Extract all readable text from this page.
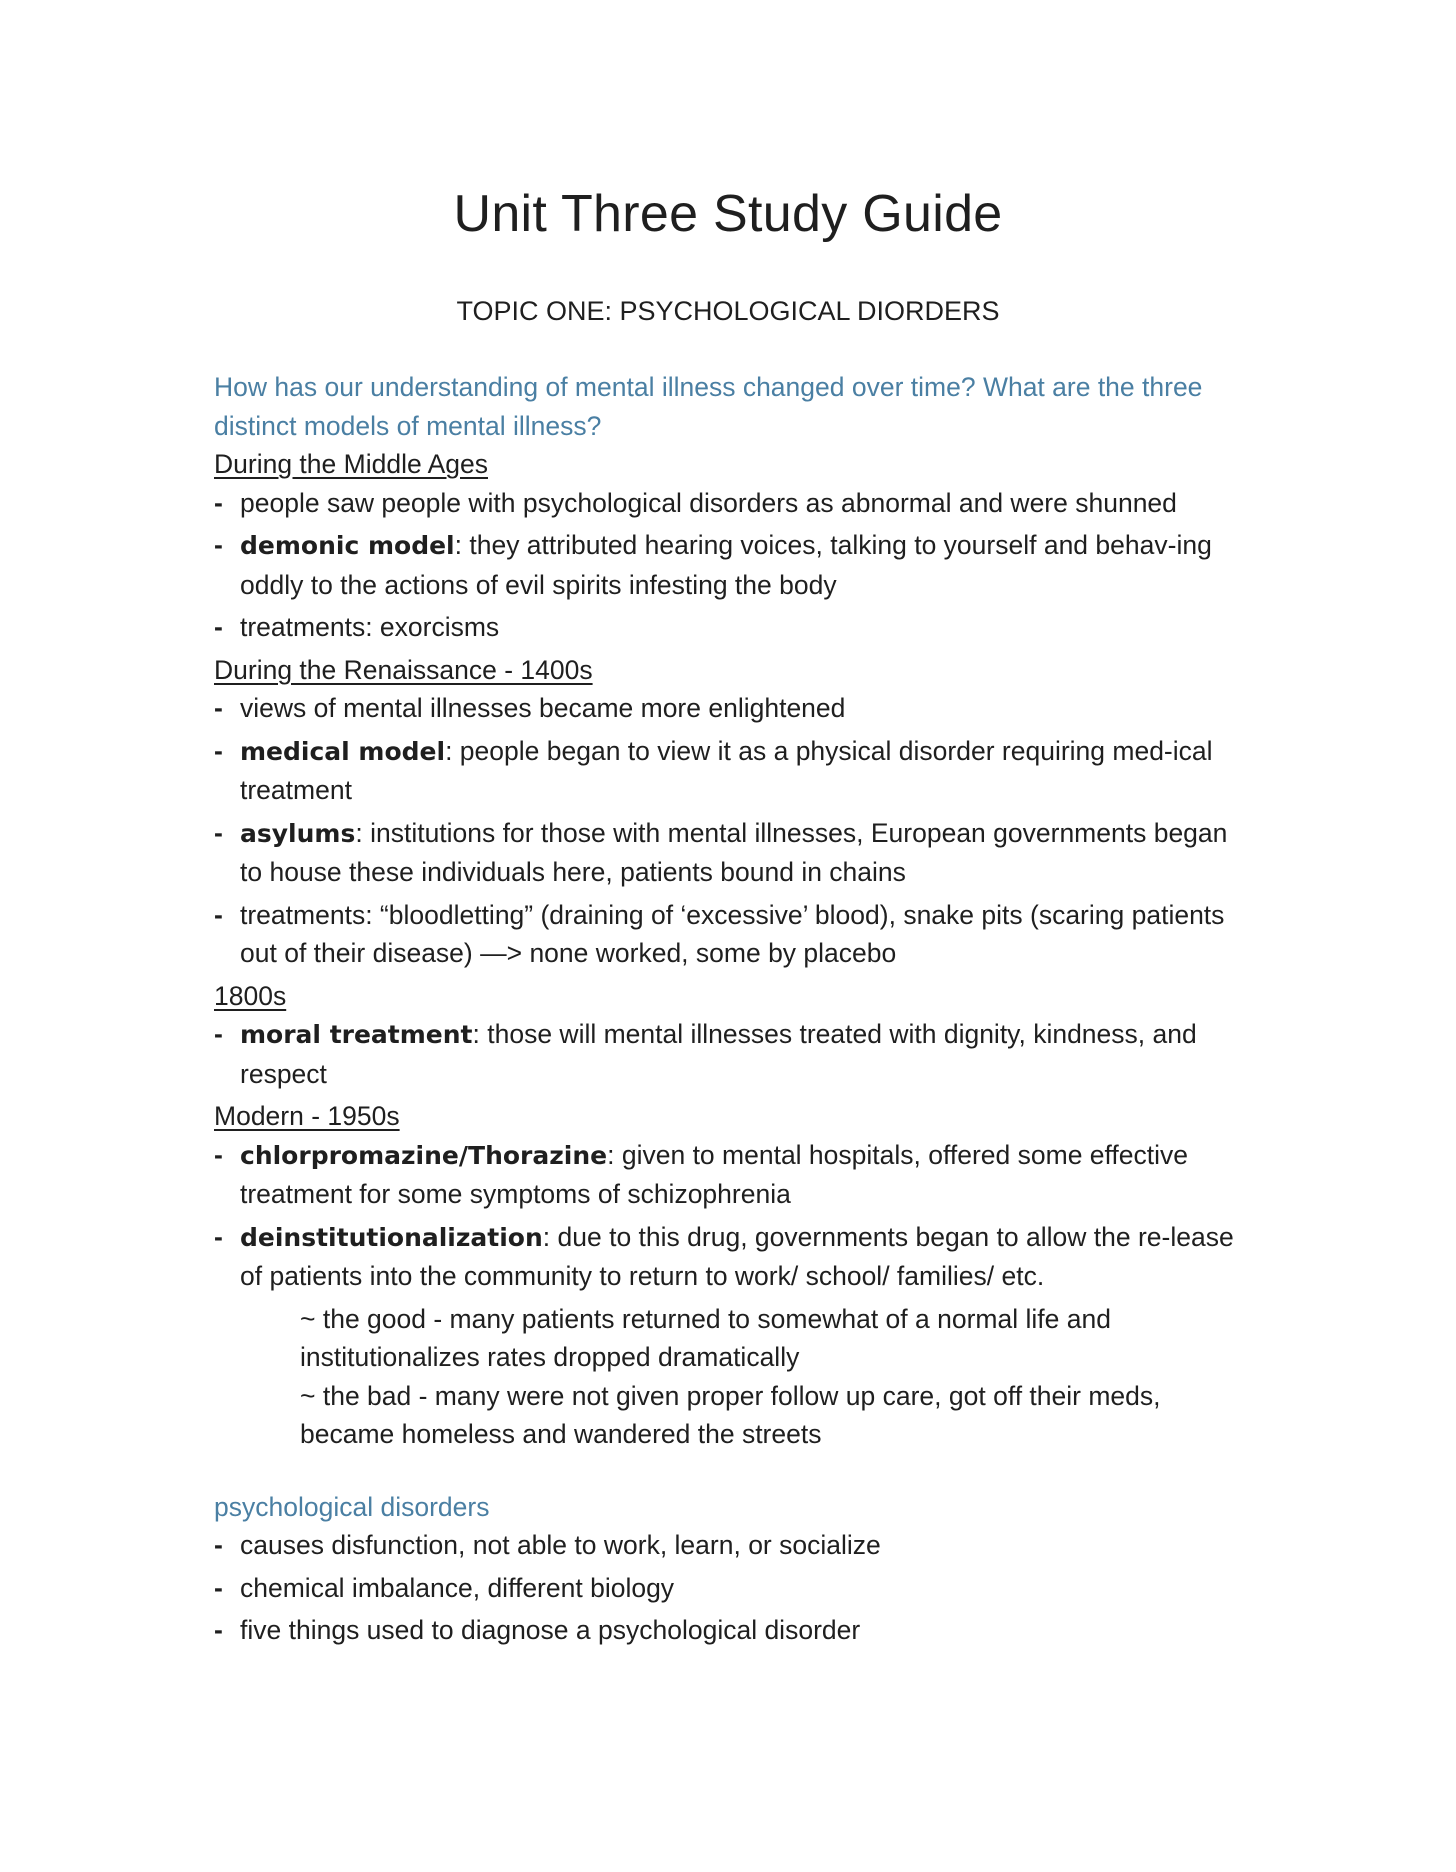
Unit Three Study Guide
TOPIC ONE: PSYCHOLOGICAL DIORDERS

How has our understanding of mental illness changed over time? What are the three distinct models of mental illness?

During the Middle Ages

- people saw people with psychological disorders as abnormal and were shunned
- demonic model: they attributed hearing voices, talking to yourself and behav-ing oddly to the actions of evil spirits infesting the body
- treatments: exorcisms

During the Renaissance - 1400s

- views of mental illnesses became more enlightened
- medical model: people began to view it as a physical disorder requiring med-ical treatment
- asylums: institutions for those with mental illnesses, European governments began to house these individuals here, patients bound in chains
- treatments: “bloodletting” (draining of ‘excessive’ blood), snake pits (scaring patients out of their disease) —> none worked, some by placebo

1800s

- moral treatment: those will mental illnesses treated with dignity, kindness, and respect

Modern - 1950s

- chlorpromazine/Thorazine: given to mental hospitals, offered some effective treatment for some symptoms of schizophrenia
- deinstitutionalization: due to this drug, governments began to allow the re-lease of patients into the community to return to work/ school/ families/ etc.

~ the good - many patients returned to somewhat of a normal life and institutionalizes rates dropped dramatically

~ the bad - many were not given proper follow up care, got off their meds, became homeless and wandered the streets

psychological disorders

- causes disfunction, not able to work, learn, or socialize
- chemical imbalance, different biology
- five things used to diagnose a psychological disorder
